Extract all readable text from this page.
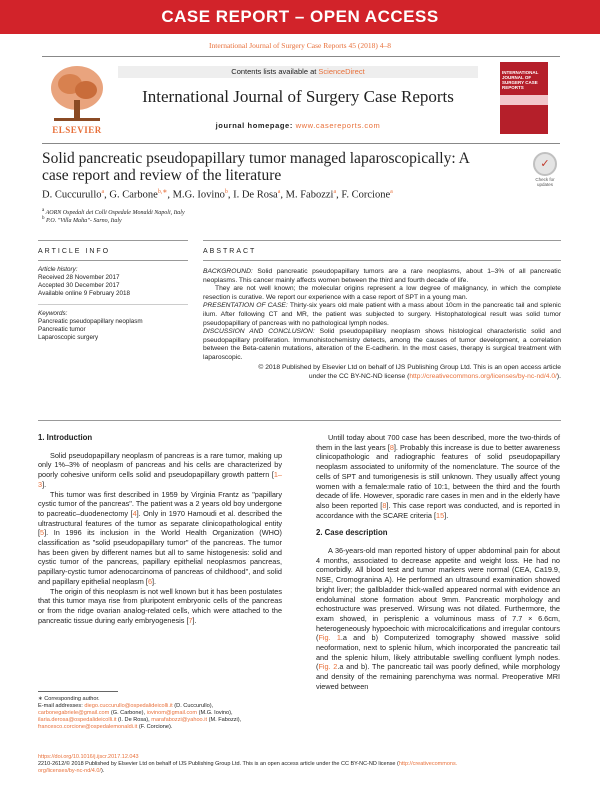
CASE REPORT – OPEN ACCESS
International Journal of Surgery Case Reports 45 (2018) 4–8
ELSEVIER
Contents lists available at ScienceDirect
International Journal of Surgery Case Reports
journal homepage: www.casereports.com
INTERNATIONAL JOURNAL OF SURGERY CASE REPORTS
Solid pancreatic pseudopapillary tumor managed laparoscopically: A case report and review of the literature
✓
Check for updates
D. Cuccurullo$^a$, G. Carbone$^{b,∗}$, M.G. Iovino$^b$, I. De Rosa$^a$, M. Fabozzi$^a$, F. Corcione$^a$
$^a$ AORN Ospedali dei Colli Ospedale Monaldi Napoli, Italy
$^b$ P.O. "Villa Malta"- Sarno, Italy
ARTICLE INFO
Article history:
Received 28 November 2017
Accepted 30 December 2017
Available online 9 February 2018
Keywords:
Pancreatic pseudopapillary neoplasm
Pancreatic tumor
Laparoscopic surgery
ABSTRACT

BACKGROUND: Solid pancreatic pseudopapillary tumors are a rare neoplasms, about 1–3% of all pancreatic neoplasms. This cancer mainly affects women between the third and fourth decade of life.

They are not well known; the molecular origins represent a low degree of malignancy, in which the complete resection is curative. We report our experience with a case report of SPT in a young man.

PRESENTATION OF CASE: Thirty-six years old male patient with a mass about 10cm in the pancreatic tail and splenic ilum. After following CT and MR, the patient was subjected to surgery. Histophatological result was solid tumor pseudopapillary of pancreas with no pathological lymph nodes.

DISCUSSION AND CONCLUSION: Solid pseudopapillary neoplasm shows histological characteristic solid and pseudopapillary proliferation. Immunohistochemistry detects, among the causes of tumor development, a correlation between the Beta-catenin mutations, alteration of the E-cadherin. In the most cases, therapy is surgical treatment with laparoscopic.

© 2018 Published by Elsevier Ltd on behalf of IJS Publishing Group Ltd. This is an open access article

under the CC BY-NC-ND license (http://creativecommons.org/licenses/by-nc-nd/4.0/).

1. Introduction

Solid pseudopapillary neoplasm of pancreas is a rare tumor, making up only 1%–3% of neoplasm of pancreas and his cells are characterized by poorly cohesive uniform cells solid and pseudopapillary growth pattern [1–3].

This tumor was first described in 1959 by Virginia Frantz as "papillary cystic tumor of the pancreas". The patient was a 2 years old boy undergone to pacreatic–duodenectomy [4]. Only in 1970 Hamoudi et al. described the ultrastructural features of the tumor as separate clinicopathological entity [5]. In 1996 its inclusion in the World Health Organization (WHO) classification as "solid pseudopapillary tumor" of the pancreas. The tumor has been given by different names but all to same histogenesis: solid and cystic tumor of the pancreas, papillary epithelial neoplasmos pancreas, papillary-cystic tumor adenocarcinoma of pancreas of childhood", and solid and papillary epithelial neoplasm [6].

The origin of this neoplasm is not well known but it has been postulates that this tumor maya rise from pluripotent embryonic cells of the pancreas or from the ridge ovarian analog-related cells, which were attached to the pancreatic tissue during early embryogenesis [7].

Untill today about 700 case has been described, more the two-thirds of them in the last years [8]. Probably this increase is due to better awareness clinicopathologic and radiographic features of solid pseudopapillary neoplasm associated to uniformity of the nomenclature. The source of the cells of SPT and tumorigenesis is still unknown. They usually affect young women with a female:male ratio of 10:1, between the third and the fourth decade of life. However, sporadic rare cases in men and in the elderly have also been reported [8]. This case report was conducted, and is reported in accordance with the SCARE criteria [15].

2. Case description

A 36-years-old man reported history of upper abdominal pain for about 4 months, associated to decrease appetite and weight loss. He had no comorbidly. All blood test and tumor markers were normal (CEA, Ca19.9, NSE, Cromogranina A). He performed an ultrasound examination showed bright liver; the gallbladder thick-walled appeared normal with evidence an endoluminal stone formation about 9mm. Pancreatic morphology and echostructure was preserved. Wirsung was not dilated. Furthermore, the exam showed, in perisplenic a voluminous mass of 7.7 × 6.6cm, heterogeneously hypoechoic with microcalcifications and irregular contours (Fig. 1.a and b) Computerized tomography showed massive solid neoformation, next to splenic hilum, which incorporated the pancreatic tail and the splenic hilum, likely attributable swelling confluent lymph nodes. (Fig. 2.a and b). The pancreatic tail was poorly defined, while morphology and density of the remaining parenchyma was normal. Preoperative MRI viewed between

∗ Corresponding author.
E-mail addresses: diego.cuccurullo@ospedalideicolli.it (D. Cuccurullo),
carbonegabriele@gmail.com (G. Carbone), iovinom@gmail.com (M.G. Iovino),
ilaria.derosa@ospedalideicolli.it (I. De Rosa), marafabozzi@yahoo.it (M. Fabozzi),
francesco.corcione@ospedalemonaldi.it (F. Corcione).
https://doi.org/10.1016/j.ijscr.2017.12.043
2210-2612/© 2018 Published by Elsevier Ltd on behalf of IJS Publishing Group Ltd. This is an open access article under the CC BY-NC-ND license (http://creativecommons.
org/licenses/by-nc-nd/4.0/).
